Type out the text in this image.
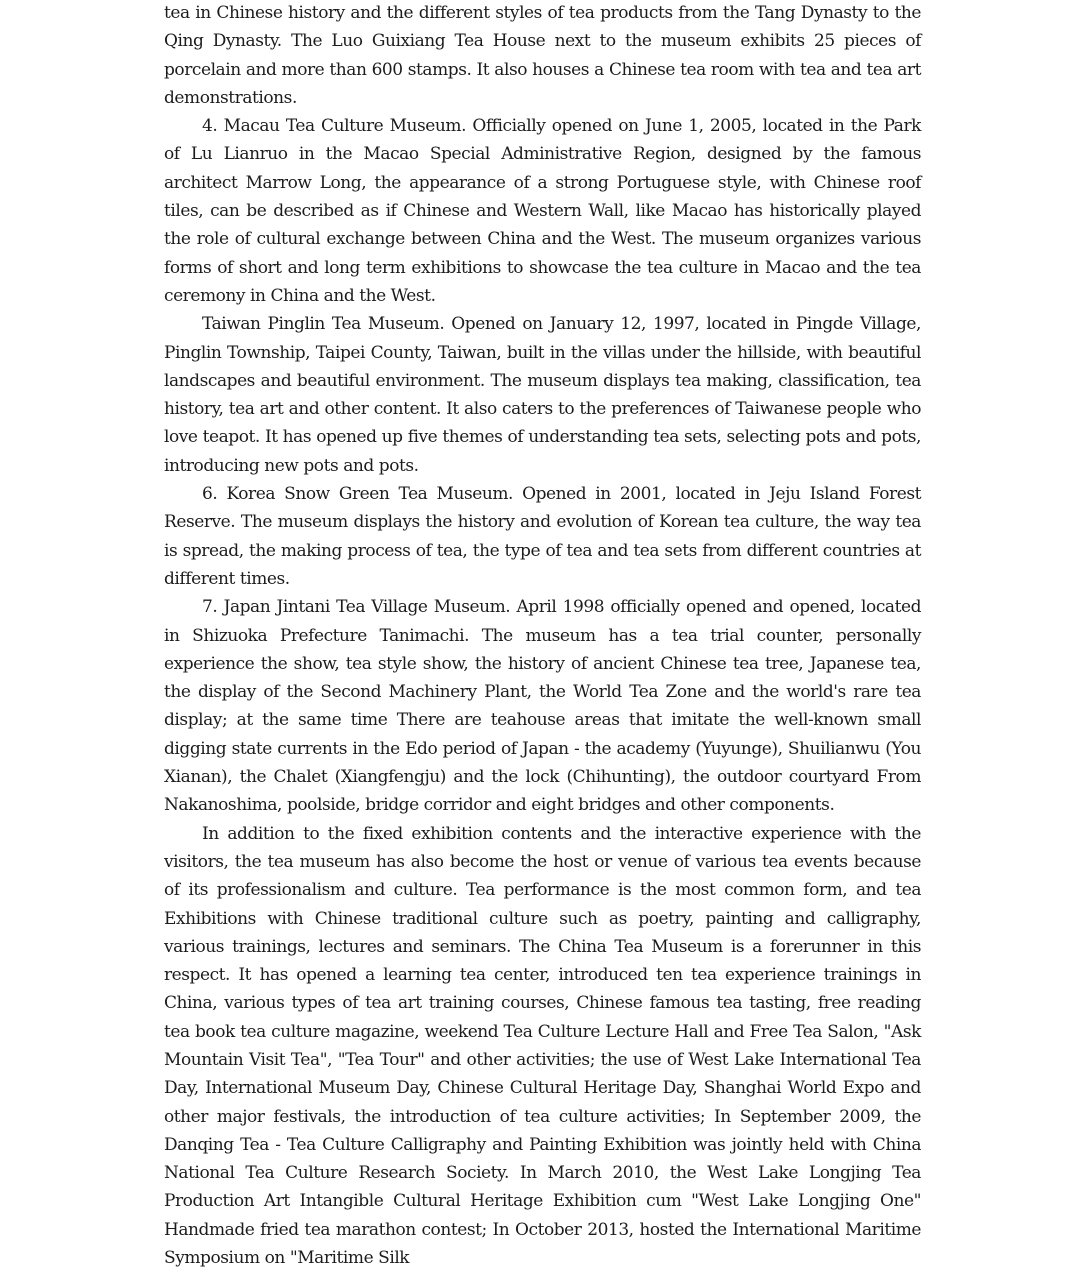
tea in Chinese history and the different styles of tea products from the Tang Dynasty to the Qing Dynasty. The Luo Guixiang Tea House next to the museum exhibits 25 pieces of porcelain and more than 600 stamps. It also houses a Chinese tea room with tea and tea art demonstrations.

4. Macau Tea Culture Museum. Officially opened on June 1, 2005, located in the Park of Lu Lianruo in the Macao Special Administrative Region, designed by the famous architect Marrow Long, the appearance of a strong Portuguese style, with Chinese roof tiles, can be described as if Chinese and Western Wall, like Macao has historically played the role of cultural exchange between China and the West. The museum organizes various forms of short and long term exhibitions to showcase the tea culture in Macao and the tea ceremony in China and the West.

Taiwan Pinglin Tea Museum. Opened on January 12, 1997, located in Pingde Village, Pinglin Township, Taipei County, Taiwan, built in the villas under the hillside, with beautiful landscapes and beautiful environment. The museum displays tea making, classification, tea history, tea art and other content. It also caters to the preferences of Taiwanese people who love teapot. It has opened up five themes of understanding tea sets, selecting pots and pots, introducing new pots and pots.

6. Korea Snow Green Tea Museum. Opened in 2001, located in Jeju Island Forest Reserve. The museum displays the history and evolution of Korean tea culture, the way tea is spread, the making process of tea, the type of tea and tea sets from different countries at different times.

7. Japan Jintani Tea Village Museum. April 1998 officially opened and opened, located in Shizuoka Prefecture Tanimachi. The museum has a tea trial counter, personally experience the show, tea style show, the history of ancient Chinese tea tree, Japanese tea, the display of the Second Machinery Plant, the World Tea Zone and the world's rare tea display; at the same time There are teahouse areas that imitate the well-known small digging state currents in the Edo period of Japan - the academy (Yuyunge), Shuilianwu (You Xianan), the Chalet (Xiangfengju) and the lock (Chihunting), the outdoor courtyard From Nakanoshima, poolside, bridge corridor and eight bridges and other components.

In addition to the fixed exhibition contents and the interactive experience with the visitors, the tea museum has also become the host or venue of various tea events because of its professionalism and culture. Tea performance is the most common form, and tea Exhibitions with Chinese traditional culture such as poetry, painting and calligraphy, various trainings, lectures and seminars. The China Tea Museum is a forerunner in this respect. It has opened a learning tea center, introduced ten tea experience trainings in China, various types of tea art training courses, Chinese famous tea tasting, free reading tea book tea culture magazine, weekend Tea Culture Lecture Hall and Free Tea Salon, "Ask Mountain Visit Tea", "Tea Tour" and other activities; the use of West Lake International Tea Day, International Museum Day, Chinese Cultural Heritage Day, Shanghai World Expo and other major festivals, the introduction of tea culture activities; In September 2009, the Danqing Tea - Tea Culture Calligraphy and Painting Exhibition was jointly held with China National Tea Culture Research Society. In March 2010, the West Lake Longjing Tea Production Art Intangible Cultural Heritage Exhibition cum "West Lake Longjing One" Handmade fried tea marathon contest; In October 2013, hosted the International Maritime Symposium on "Maritime Silk
